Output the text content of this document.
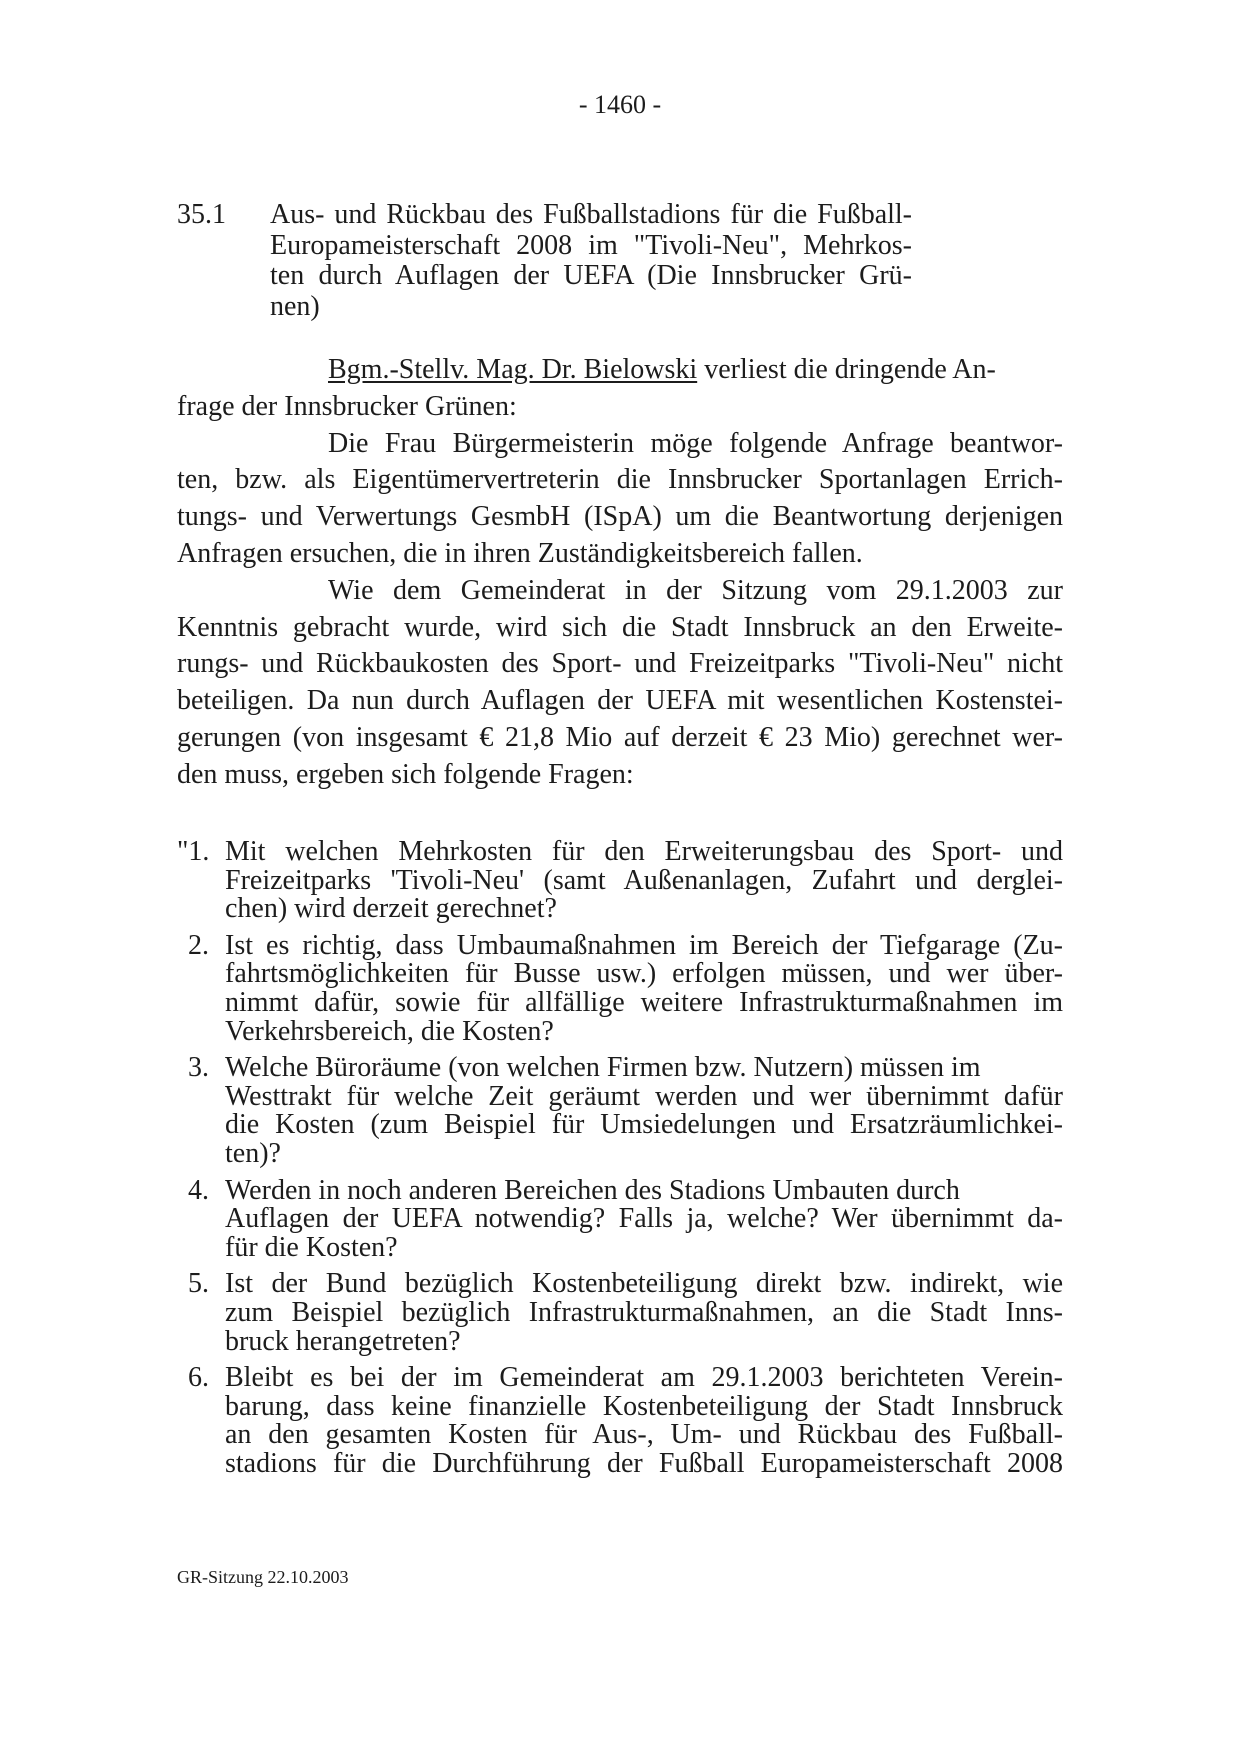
- 1460 -
35.1	Aus- und Rückbau des Fußballstadions für die Fußball-
Europameisterschaft 2008 im "Tivoli-Neu", Mehrkos-
ten durch Auflagen der UEFA (Die Innsbrucker Grü-
nen)
Bgm.-Stellv. Mag. Dr. Bielowski verliest die dringende An-
frage der Innsbrucker Grünen:
Die Frau Bürgermeisterin möge folgende Anfrage beantwor-
ten, bzw. als Eigentümervertreterin die Innsbrucker Sportanlagen Errich-
tungs- und Verwertungs GesmbH (ISpA) um die Beantwortung derjenigen
Anfragen ersuchen, die in ihren Zuständigkeitsbereich fallen.
Wie dem Gemeinderat in der Sitzung vom 29.1.2003 zur
Kenntnis gebracht wurde, wird sich die Stadt Innsbruck an den Erweite-
rungs- und Rückbaukosten des Sport- und Freizeitparks "Tivoli-Neu" nicht
beteiligen. Da nun durch Auflagen der UEFA mit wesentlichen Kostenstei-
gerungen (von insgesamt € 21,8 Mio auf derzeit € 23 Mio) gerechnet wer-
den muss, ergeben sich folgende Fragen:
"1. Mit welchen Mehrkosten für den Erweiterungsbau des Sport- und
Freizeitparks 'Tivoli-Neu' (samt Außenanlagen, Zufahrt und derglei-
chen) wird derzeit gerechnet?
2. Ist es richtig, dass Umbaumaßnahmen im Bereich der Tiefgarage (Zu-
fahrtsmöglichkeiten für Busse usw.) erfolgen müssen, und wer über-
nimmt dafür, sowie für allfällige weitere Infrastrukturmaßnahmen im
Verkehrsbereich, die Kosten?
3. Welche Büroräume (von welchen Firmen bzw. Nutzern) müssen im
Westtrakt für welche Zeit geräumt werden und wer übernimmt dafür
die Kosten (zum Beispiel für Umsiedelungen und Ersatzräumlichkei-
ten)?
4. Werden in noch anderen Bereichen des Stadions Umbauten durch
Auflagen der UEFA notwendig? Falls ja, welche? Wer übernimmt da-
für die Kosten?
5. Ist der Bund bezüglich Kostenbeteiligung direkt bzw. indirekt, wie
zum Beispiel bezüglich Infrastrukturmaßnahmen, an die Stadt Inns-
bruck herangetreten?
6. Bleibt es bei der im Gemeinderat am 29.1.2003 berichteten Verein-
barung, dass keine finanzielle Kostenbeteiligung der Stadt Innsbruck
an den gesamten Kosten für Aus-, Um- und Rückbau des Fußball-
stadions für die Durchführung der Fußball Europameisterschaft 2008
GR-Sitzung 22.10.2003
